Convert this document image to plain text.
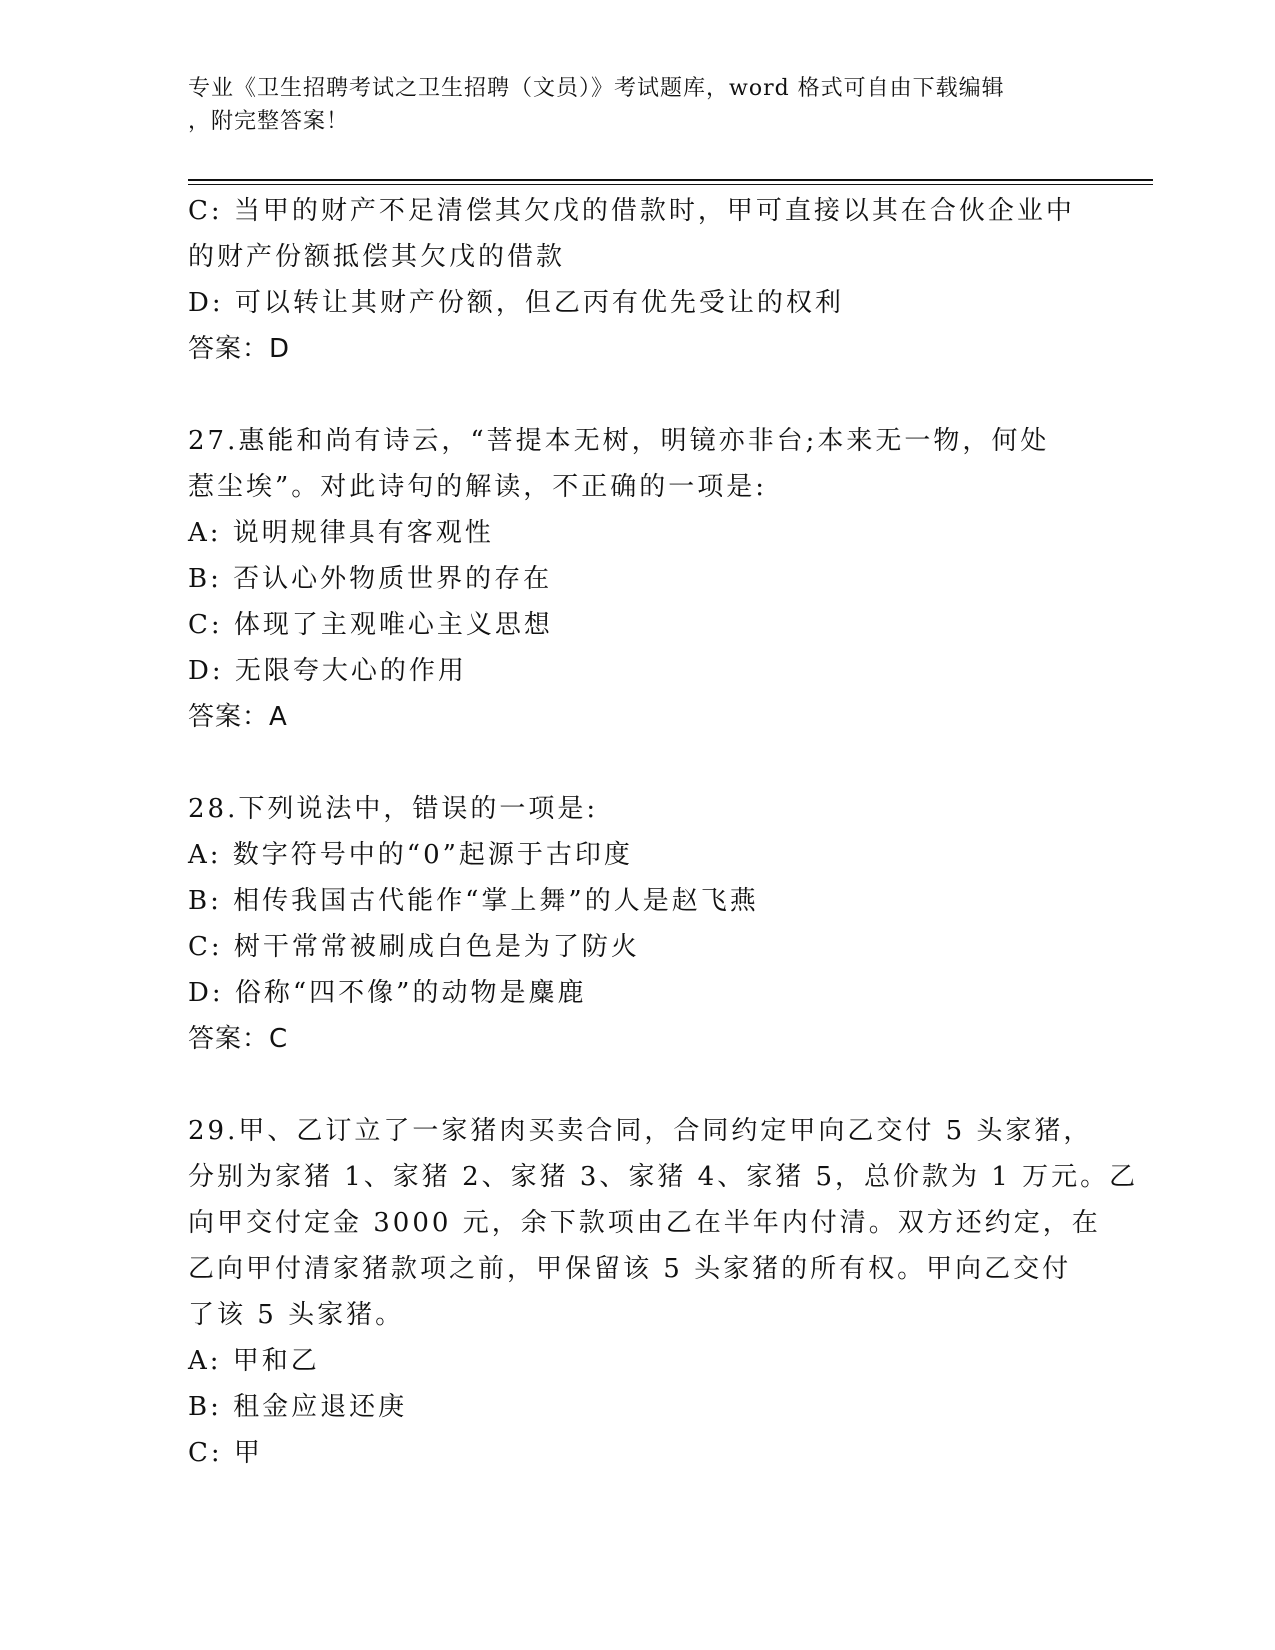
专业《卫生招聘考试之卫生招聘（文员）》考试题库，word 格式可自由下载编辑
，附完整答案！
C: 当甲的财产不足清偿其欠戊的借款时，甲可直接以其在合伙企业中
的财产份额抵偿其欠戊的借款
D: 可以转让其财产份额，但乙丙有优先受让的权利
答案：D
27.惠能和尚有诗云，“菩提本无树，明镜亦非台;本来无一物，何处
惹尘埃”。对此诗句的解读，不正确的一项是:
A: 说明规律具有客观性
B: 否认心外物质世界的存在
C: 体现了主观唯心主义思想
D: 无限夸大心的作用
答案：A
28.下列说法中，错误的一项是:
A: 数字符号中的“0”起源于古印度
B: 相传我国古代能作“掌上舞”的人是赵飞燕
C: 树干常常被刷成白色是为了防火
D: 俗称“四不像”的动物是麋鹿
答案：C
29.甲、乙订立了一家猪肉买卖合同，合同约定甲向乙交付 5 头家猪，
分别为家猪 1、家猪 2、家猪 3、家猪 4、家猪 5，总价款为 1 万元。乙
向甲交付定金 3000 元，余下款项由乙在半年内付清。双方还约定，在
乙向甲付清家猪款项之前，甲保留该 5 头家猪的所有权。甲向乙交付
了该 5 头家猪。
A: 甲和乙
B: 租金应退还庚
C: 甲
